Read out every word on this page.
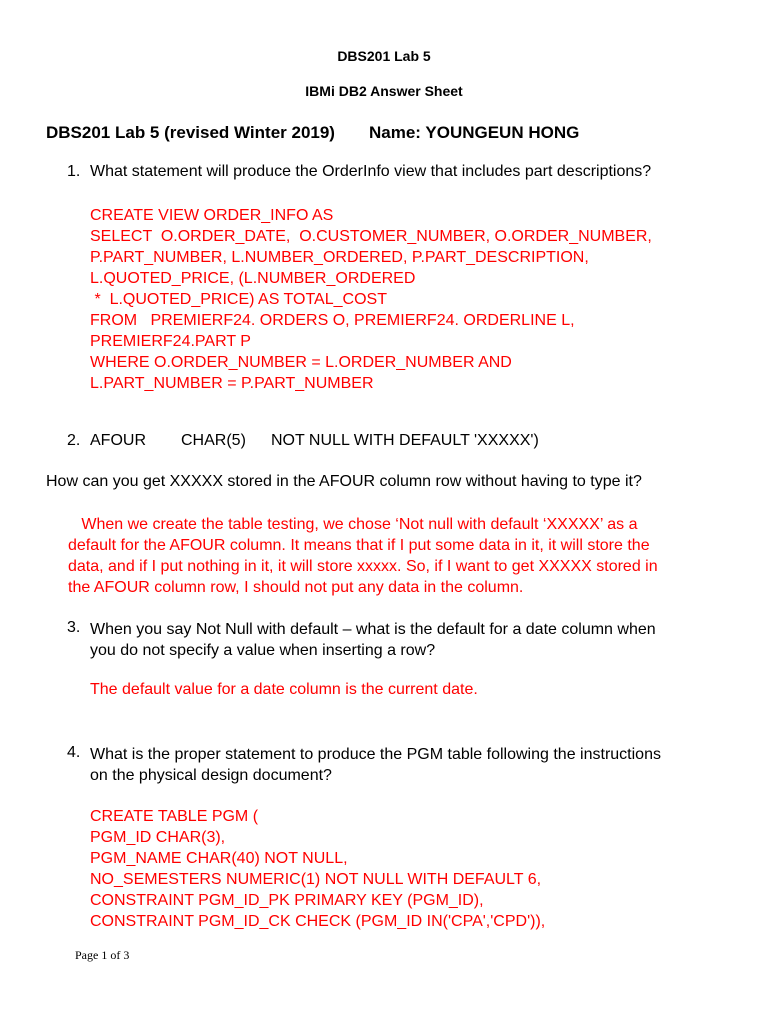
DBS201 Lab 5
IBMi DB2 Answer Sheet
DBS201 Lab 5 (revised Winter 2019) Name: YOUNGEUN HONG
1. What statement will produce the OrderInfo view that includes part descriptions?
CREATE VIEW ORDER_INFO AS
SELECT  O.ORDER_DATE,  O.CUSTOMER_NUMBER, O.ORDER_NUMBER,
P.PART_NUMBER, L.NUMBER_ORDERED, P.PART_DESCRIPTION,
L.QUOTED_PRICE, (L.NUMBER_ORDERED
*  L.QUOTED_PRICE) AS TOTAL_COST
FROM   PREMIERF24. ORDERS O, PREMIERF24. ORDERLINE L,
PREMIERF24.PART P
WHERE O.ORDER_NUMBER = L.ORDER_NUMBER AND
L.PART_NUMBER = P.PART_NUMBER
2. AFOUR CHAR(5) NOT NULL WITH DEFAULT 'XXXXX')
How can you get XXXXX stored in the AFOUR column row without having to type it?
When we create the table testing, we chose ‘Not null with default ‘XXXXX’ as a
default for the AFOUR column. It means that if I put some data in it, it will store the
data, and if I put nothing in it, it will store xxxxx. So, if I want to get XXXXX stored in
the AFOUR column row, I should not put any data in the column.
3. When you say Not Null with default – what is the default for a date column when
you do not specify a value when inserting a row?
The default value for a date column is the current date.
4. What is the proper statement to produce the PGM table following the instructions
on the physical design document?
CREATE TABLE PGM (
PGM_ID CHAR(3),
PGM_NAME CHAR(40) NOT NULL,
NO_SEMESTERS NUMERIC(1) NOT NULL WITH DEFAULT 6,
CONSTRAINT PGM_ID_PK PRIMARY KEY (PGM_ID),
CONSTRAINT PGM_ID_CK CHECK (PGM_ID IN('CPA','CPD')),
Page 1 of 3
